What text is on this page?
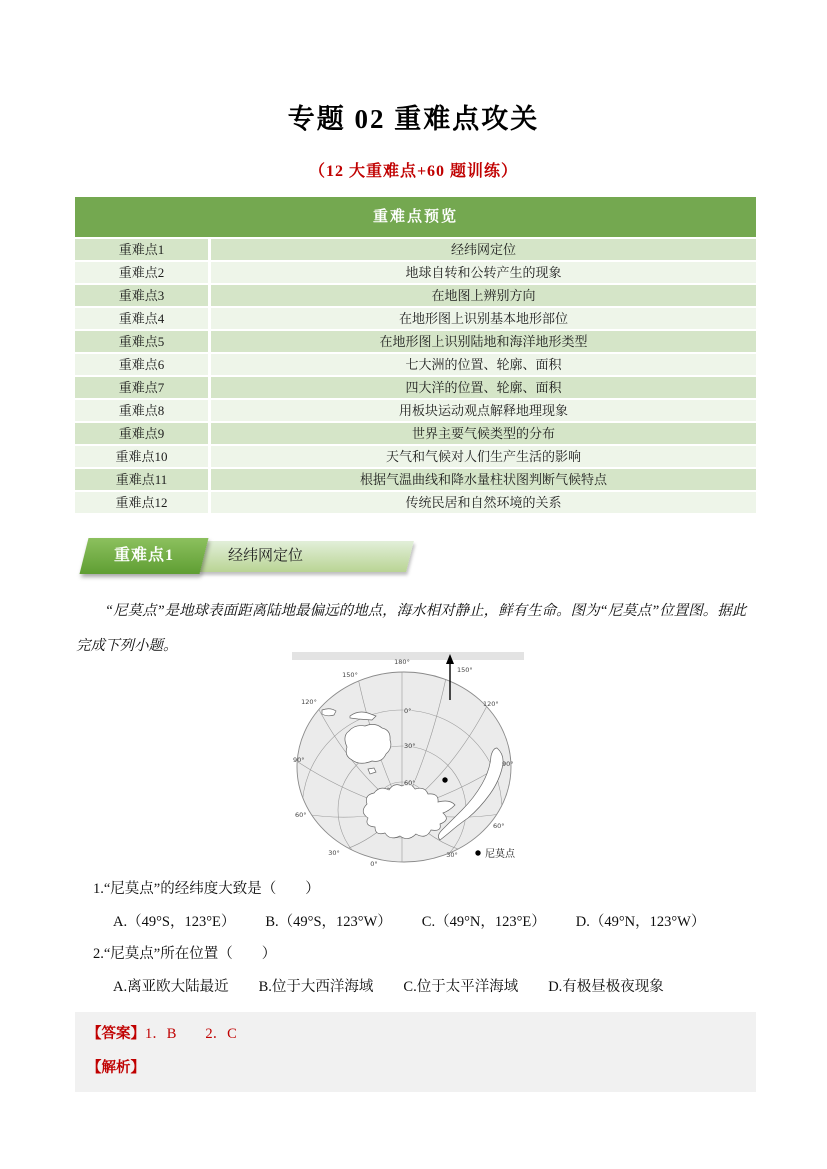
专题 02 重难点攻关
（12 大重难点+60 题训练）
重难点预览
重难点1	经纬网定位
重难点2	地球自转和公转产生的现象
重难点3	在地图上辨别方向
重难点4	在地形图上识别基本地形部位
重难点5	在地形图上识别陆地和海洋地形类型
重难点6	七大洲的位置、轮廓、面积
重难点7	四大洋的位置、轮廓、面积
重难点8	用板块运动观点解释地理现象
重难点9	世界主要气候类型的分布
重难点10	天气和气候对人们生产生活的影响
重难点11	根据气温曲线和降水量柱状图判断气候特点
重难点12	传统民居和自然环境的关系
经纬网定位
重难点1
“尼莫点”是地球表面距离陆地最偏远的地点，海水相对静止，鲜有生命。图为“尼莫点”位置图。据此完成下列小题。
180°
150°
120°
90°
60°
30°
0°
150°
120°
90°
60°
30°
0°
30°
60°
尼莫点
1.“尼莫点”的经纬度大致是（　　）
A.（49°S，123°E） B.（49°S，123°W） C.（49°N，123°E） D.（49°N，123°W）
2.“尼莫点”所在位置（　　）
A.离亚欧大陆最近 B.位于大西洋海域 C.位于太平洋海域 D.有极昼极夜现象
【答案】1．B　　2．C
【解析】
